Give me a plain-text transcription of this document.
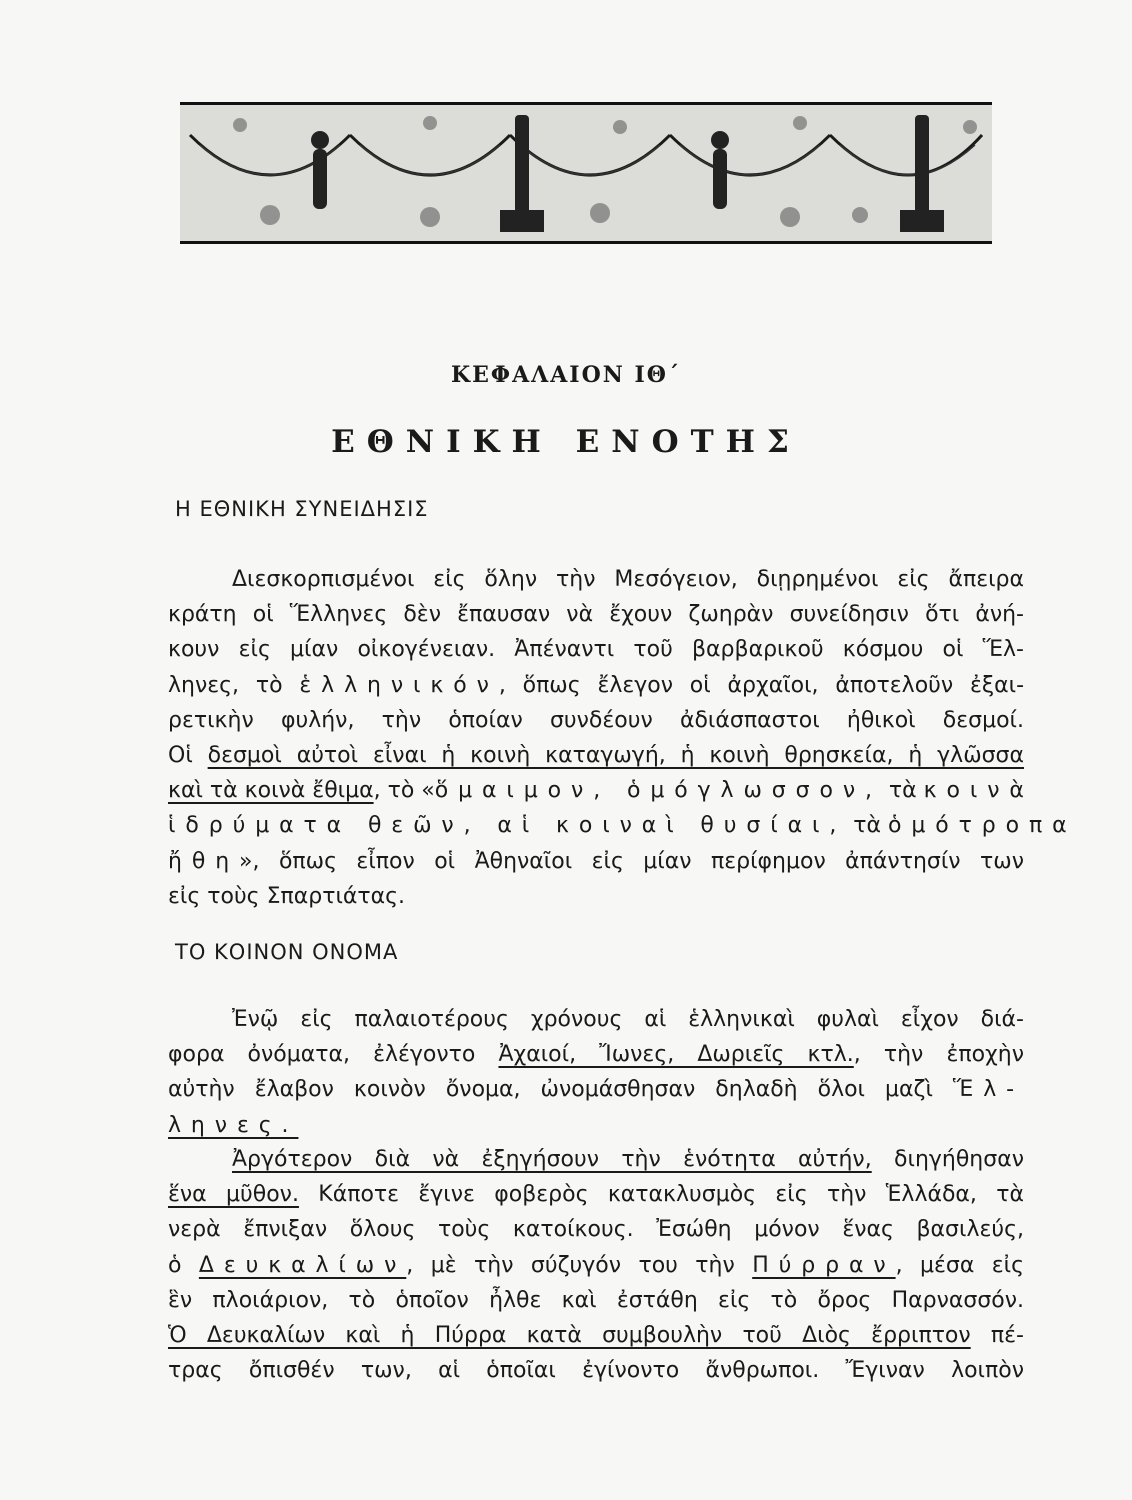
ΚΕΦΑΛΑΙΟΝ ΙΘ΄
ΕΘΝΙΚΗ ΕΝΟΤΗΣ
Η ΕΘΝΙΚΗ ΣΥΝΕΙΔΗΣΙΣ
Διεσκορπισμένοι εἰς ὅλην τὴν Μεσόγειον, διῃρημένοι εἰς ἄπειρα
κράτη οἱ Ἕλληνες δὲν ἔπαυσαν νὰ ἔχουν ζωηρὰν συνείδησιν ὅτι ἀνή-
κουν εἰς μίαν οἰκογένειαν. Ἀπέναντι τοῦ βαρβαρικοῦ κόσμου οἱ Ἕλ-
ληνες, τὸ ἑλληνικόν, ὅπως ἔλεγον οἱ ἀρχαῖοι, ἀποτελοῦν ἐξαι-
ρετικὴν φυλήν, τὴν ὁποίαν συνδέουν ἀδιάσπαστοι ἠθικοὶ δεσμοί.
Οἱ δεσμοὶ αὐτοὶ εἶναι ἡ κοινὴ καταγωγή, ἡ κοινὴ θρησκεία, ἡ γλῶσσα
καὶ τὰ κοινὰ ἔθιμα, τὸ «ὅμαιμον, ὁμόγλωσσον, τὰ κοινὰ
ἱδρύματα θεῶν, αἱ κοιναὶ θυσίαι, τὰ ὁμότροπα
ἤθη», ὅπως εἶπον οἱ Ἀθηναῖοι εἰς μίαν περίφημον ἀπάντησίν των
εἰς τοὺς Σπαρτιάτας.
ΤΟ ΚΟΙΝΟΝ ΟΝΟΜΑ
Ἐνῷ εἰς παλαιοτέρους χρόνους αἱ ἑλληνικαὶ φυλαὶ εἶχον διά-
φορα ὀνόματα, ἐλέγοντο Ἀχαιοί, Ἴωνες, Δωριεῖς κτλ., τὴν ἐποχὴν
αὐτὴν ἔλαβον κοινὸν ὄνομα, ὠνομάσθησαν δηλαδὴ ὅλοι μαζὶ Ἕλ-
ληνες.
Ἀργότερον διὰ νὰ ἐξηγήσουν τὴν ἑνότητα αὐτήν, διηγήθησαν
ἕνα μῦθον. Κάποτε ἔγινε φοβερὸς κατακλυσμὸς εἰς τὴν Ἑλλάδα, τὰ
νερὰ ἔπνιξαν ὅλους τοὺς κατοίκους. Ἐσώθη μόνον ἕνας βασιλεύς,
ὁ Δευκαλίων, μὲ τὴν σύζυγόν του τὴν Πύρραν, μέσα εἰς
ἓν πλοιάριον, τὸ ὁποῖον ἦλθε καὶ ἐστάθη εἰς τὸ ὄρος Παρνασσόν.
Ὁ Δευκαλίων καὶ ἡ Πύρρα κατὰ συμβουλὴν τοῦ Διὸς ἔρριπτον πέ-
τρας ὄπισθέν των, αἱ ὁποῖαι ἐγίνοντο ἄνθρωποι. Ἔγιναν λοιπὸν
